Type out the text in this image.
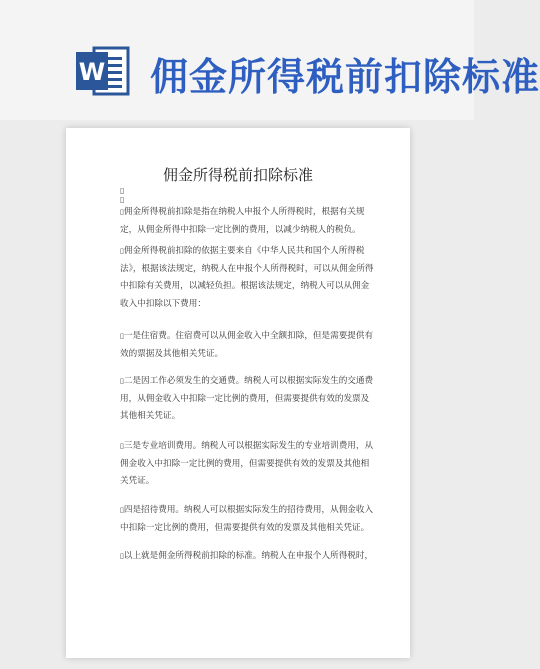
W 佣金所得税前扣除标准
佣金所得税前扣除标准
▯
▯
▯佣金所得税前扣除是指在纳税人申报个人所得税时，根据有关规定，从佣金所得中扣除一定比例的费用，以减少纳税人的税负。
▯佣金所得税前扣除的依据主要来自《中华人民共和国个人所得税法》，根据该法规定，纳税人在申报个人所得税时，可以从佣金所得中扣除有关费用，以减轻负担。根据该法规定，纳税人可以从佣金收入中扣除以下费用：
▯一是住宿费。住宿费可以从佣金收入中全额扣除，但是需要提供有效的票据及其他相关凭证。
▯二是因工作必须发生的交通费。纳税人可以根据实际发生的交通费用，从佣金收入中扣除一定比例的费用，但需要提供有效的发票及其他相关凭证。
▯三是专业培训费用。纳税人可以根据实际发生的专业培训费用，从佣金收入中扣除一定比例的费用，但需要提供有效的发票及其他相关凭证。
▯四是招待费用。纳税人可以根据实际发生的招待费用，从佣金收入中扣除一定比例的费用，但需要提供有效的发票及其他相关凭证。
▯以上就是佣金所得税前扣除的标准。纳税人在申报个人所得税时，
